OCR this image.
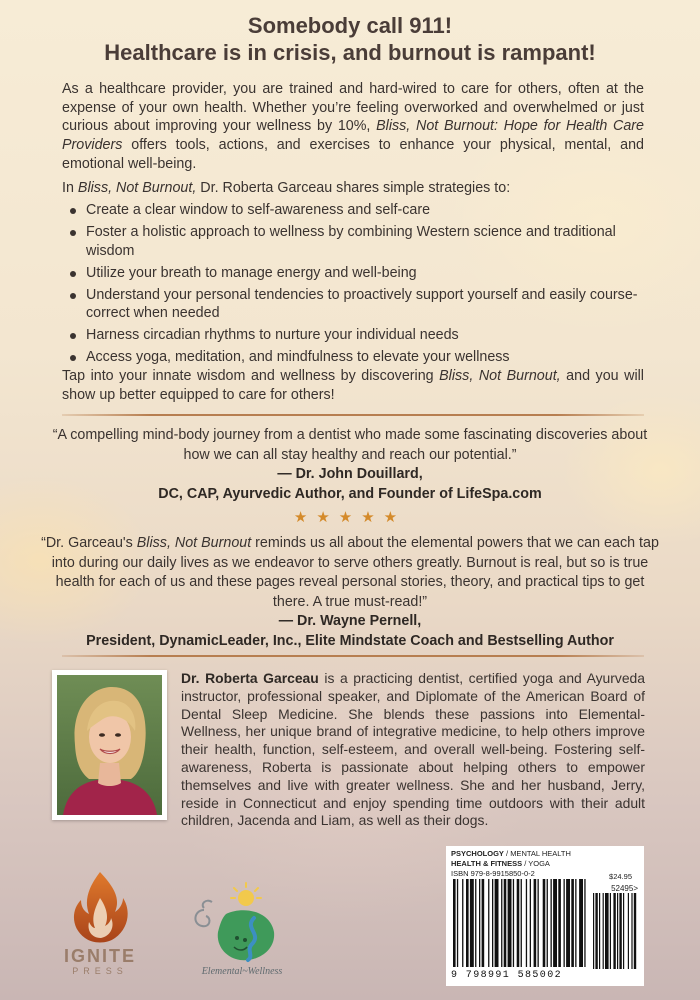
Somebody call 911!
Healthcare is in crisis, and burnout is rampant!

As a healthcare provider, you are trained and hard-wired to care for others, often at the expense of your own health. Whether you’re feeling overworked and overwhelmed or just curious about improving your wellness by 10%, Bliss, Not Burnout: Hope for Health Care Providers offers tools, actions, and exercises to enhance your physical, mental, and emotional well-being.

In Bliss, Not Burnout, Dr. Roberta Garceau shares simple strategies to:

Create a clear window to self-awareness and self-care
Foster a holistic approach to wellness by combining Western science and traditional wisdom
Utilize your breath to manage energy and well-being
Understand your personal tendencies to proactively support yourself and easily course-correct when needed
Harness circadian rhythms to nurture your individual needs
Access yoga, meditation, and mindfulness to elevate your wellness

Tap into your innate wisdom and wellness by discovering Bliss, Not Burnout, and you will show up better equipped to care for others!

“A compelling mind-body journey from a dentist who made some fascinating discoveries about how we can all stay healthy and reach our potential.”
— Dr. John Douillard,
DC, CAP, Ayurvedic Author, and Founder of LifeSpa.com
★★★★★
“Dr. Garceau's Bliss, Not Burnout reminds us all about the elemental powers that we can each tap into during our daily lives as we endeavor to serve others greatly. Burnout is real, but so is true health for each of us and these pages reveal personal stories, theory, and practical tips to get there. A true must-read!”
— Dr. Wayne Pernell,
President, DynamicLeader, Inc., Elite Mindstate Coach and Bestselling Author

Dr. Roberta Garceau is a practicing dentist, certified yoga and Ayurveda instructor, professional speaker, and Diplomate of the American Board of Dental Sleep Medicine. She blends these passions into Elemental-Wellness, her unique brand of integrative medicine, to help others improve their health, function, self-esteem, and overall well-being. Fostering self-awareness, Roberta is passionate about helping others to empower themselves and live with greater wellness. She and her husband, Jerry, reside in Connecticut and enjoy spending time outdoors with their adult children, Jacenda and Liam, as well as their dogs.

IGNITE
PRESS	Elemental~Wellness
PSYCHOLOGY / MENTAL HEALTH
HEALTH & FITNESS / YOGA
ISBN 979-8-9915850-0-2	$24.95
52495>
9 798991 585002
